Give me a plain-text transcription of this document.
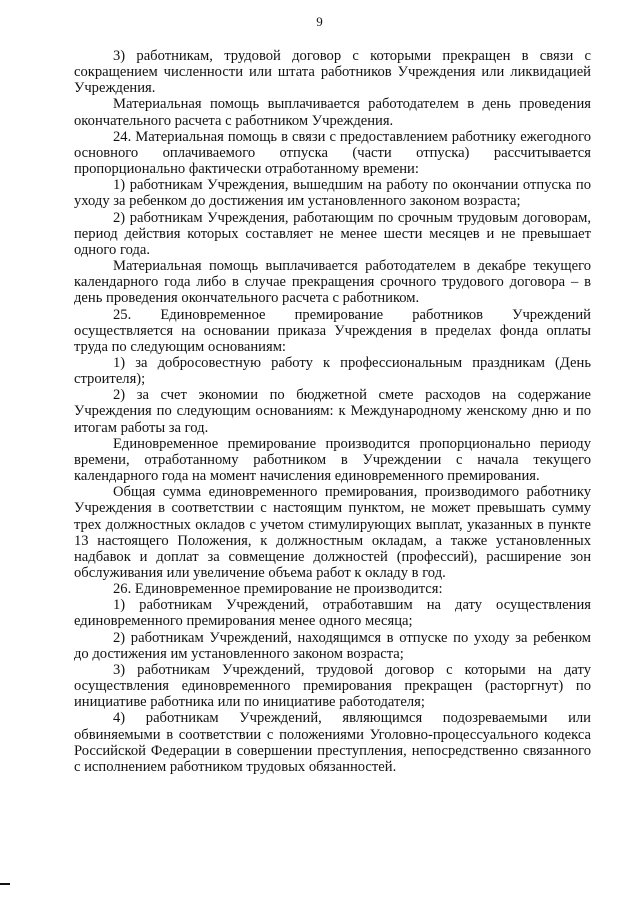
9

3) работникам, трудовой договор с которыми прекращен в связи с сокращением численности или штата работников Учреждения или ликвидацией Учреждения.

Материальная помощь выплачивается работодателем в день проведения окончательного расчета с работником Учреждения.

24. Материальная помощь в связи с предоставлением работнику ежегодного основного оплачиваемого отпуска (части отпуска) рассчитывается пропорционально фактически отработанному времени:

1) работникам Учреждения, вышедшим на работу по окончании отпуска по уходу за ребенком до достижения им установленного законом возраста;

2) работникам Учреждения, работающим по срочным трудовым договорам, период действия которых составляет не менее шести месяцев и не превышает одного года.

Материальная помощь выплачивается работодателем в декабре текущего календарного года либо в случае прекращения срочного трудового договора – в день проведения окончательного расчета с работником.

25. Единовременное премирование работников Учреждений осуществляется на основании приказа Учреждения в пределах фонда оплаты труда по следующим основаниям:

1) за добросовестную работу к профессиональным праздникам (День строителя);

2) за счет экономии по бюджетной смете расходов на содержание Учреждения по следующим основаниям: к Международному женскому дню и по итогам работы за год.

Единовременное премирование производится пропорционально периоду времени, отработанному работником в Учреждении с начала текущего календарного года на момент начисления единовременного премирования.

Общая сумма единовременного премирования, производимого работнику Учреждения в соответствии с настоящим пунктом, не может превышать сумму трех должностных окладов с учетом стимулирующих выплат, указанных в пункте 13 настоящего Положения, к должностным окладам, а также установленных надбавок и доплат за совмещение должностей (профессий), расширение зон обслуживания или увеличение объема работ к окладу в год.

26. Единовременное премирование не производится:

1) работникам Учреждений, отработавшим на дату осуществления единовременного премирования менее одного месяца;

2) работникам Учреждений, находящимся в отпуске по уходу за ребенком до достижения им установленного законом возраста;

3) работникам Учреждений, трудовой договор с которыми на дату осуществления единовременного премирования прекращен (расторгнут) по инициативе работника или по инициативе работодателя;

4) работникам Учреждений, являющимся подозреваемыми или обвиняемыми в соответствии с положениями Уголовно-процессуального кодекса Российской Федерации в совершении преступления, непосредственно связанного с исполнением работником трудовых обязанностей.
